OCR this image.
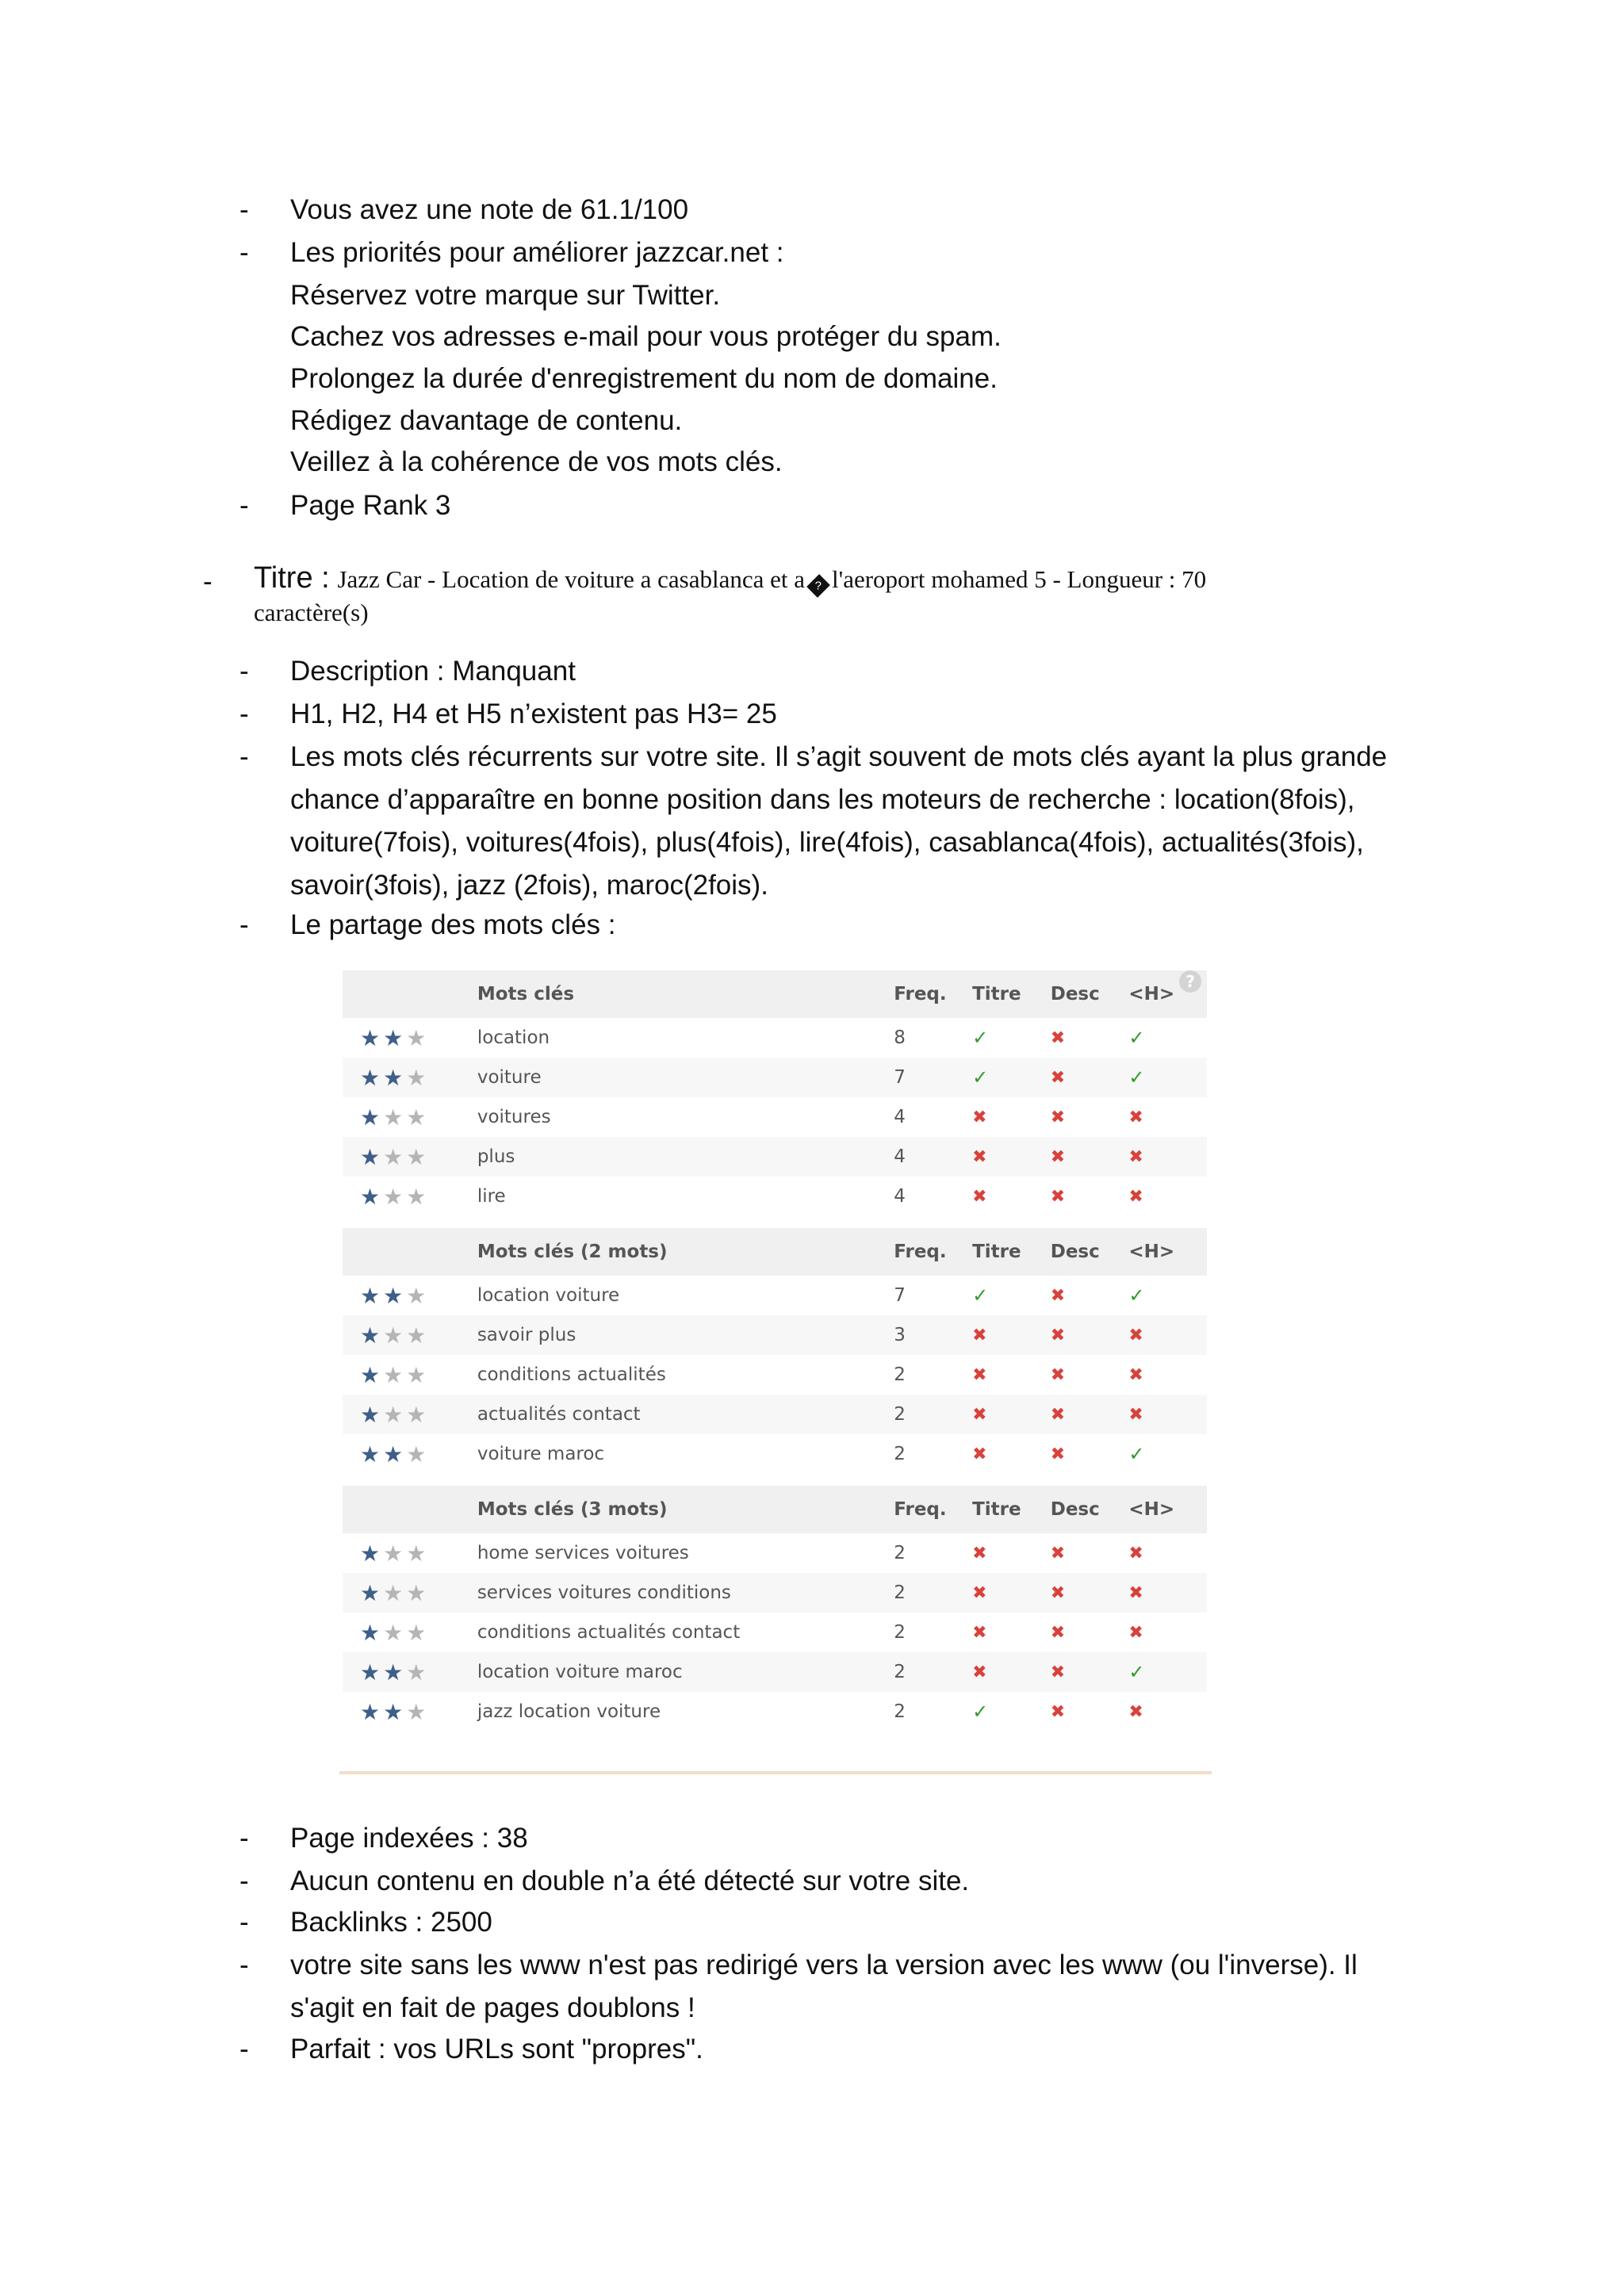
- Vous avez une note de 61.1/100
- Les priorités pour améliorer jazzcar.net :
Réservez votre marque sur Twitter.
Cachez vos adresses e-mail pour vous protéger du spam.
Prolongez la durée d'enregistrement du nom de domaine.
Rédigez davantage de contenu.
Veillez à la cohérence de vos mots clés.
- Page Rank 3
- Titre : Jazz Car - Location de voiture a casablanca et a ? l'aeroport mohamed 5 - Longueur : 70
caractère(s)
- Description : Manquant
- H1, H2, H4 et H5 n’existent pas H3= 25
- Les mots clés récurrents sur votre site. Il s’agit souvent de mots clés ayant la plus grande chance d’apparaître en bonne position dans les moteurs de recherche : location(8fois), voiture(7fois), voitures(4fois), plus(4fois), lire(4fois), casablanca(4fois), actualités(3fois), savoir(3fois), jazz (2fois), maroc(2fois).
- Le partage des mots clés :
	Mots clés	Freq.	Titre	Desc	<H>?
★ ★ ★	location	8	✓	✖	✓
★ ★ ★	voiture	7	✓	✖	✓
★ ★ ★	voitures	4	✖	✖	✖
★ ★ ★	plus	4	✖	✖	✖
★ ★ ★	lire	4	✖	✖	✖

	Mots clés (2 mots)	Freq.	Titre	Desc	<H>
★ ★ ★	location voiture	7	✓	✖	✓
★ ★ ★	savoir plus	3	✖	✖	✖
★ ★ ★	conditions actualités	2	✖	✖	✖
★ ★ ★	actualités contact	2	✖	✖	✖
★ ★ ★	voiture maroc	2	✖	✖	✓

	Mots clés (3 mots)	Freq.	Titre	Desc	<H>
★ ★ ★	home services voitures	2	✖	✖	✖
★ ★ ★	services voitures conditions	2	✖	✖	✖
★ ★ ★	conditions actualités contact	2	✖	✖	✖
★ ★ ★	location voiture maroc	2	✖	✖	✓
★ ★ ★	jazz location voiture	2	✓	✖	✖
- Page indexées : 38
- Aucun contenu en double n’a été détecté sur votre site.
- Backlinks : 2500
- votre site sans les www n'est pas redirigé vers la version avec les www (ou l'inverse). Il s'agit en fait de pages doublons !
- Parfait : vos URLs sont "propres".
